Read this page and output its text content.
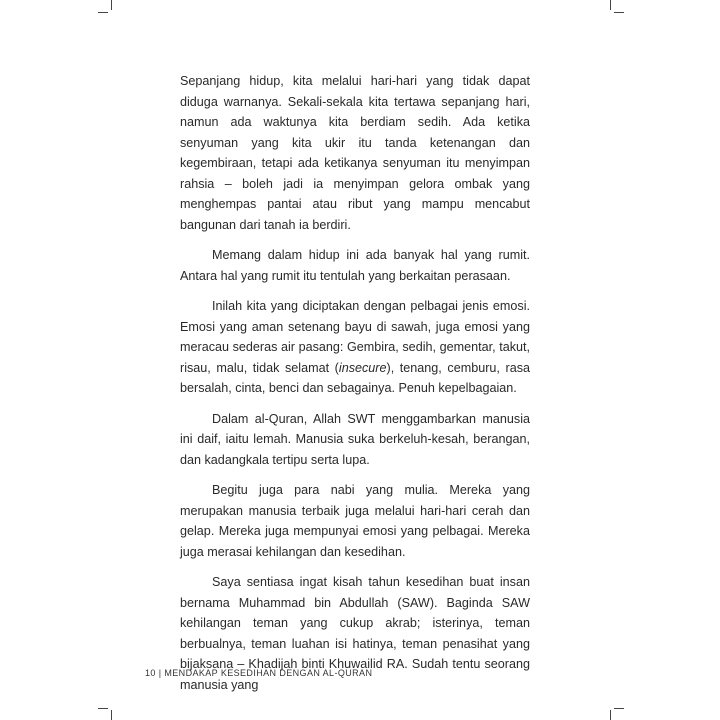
Sepanjang hidup, kita melalui hari-hari yang tidak dapat diduga warnanya. Sekali-sekala kita tertawa sepanjang hari, namun ada waktunya kita berdiam sedih. Ada ketika senyuman yang kita ukir itu tanda ketenangan dan kegembiraan, tetapi ada ketikanya senyuman itu menyimpan rahsia – boleh jadi ia menyimpan gelora ombak yang menghempas pantai atau ribut yang mampu mencabut bangunan dari tanah ia berdiri.

Memang dalam hidup ini ada banyak hal yang rumit. Antara hal yang rumit itu tentulah yang berkaitan perasaan.

Inilah kita yang diciptakan dengan pelbagai jenis emosi. Emosi yang aman setenang bayu di sawah, juga emosi yang meracau sederas air pasang: Gembira, sedih, gementar, takut, risau, malu, tidak selamat (insecure), tenang, cemburu, rasa bersalah, cinta, benci dan sebagainya. Penuh kepelbagaian.

Dalam al-Quran, Allah SWT menggambarkan manusia ini daif, iaitu lemah. Manusia suka berkeluh-kesah, berangan, dan kadangkala tertipu serta lupa.

Begitu juga para nabi yang mulia. Mereka yang merupakan manusia terbaik juga melalui hari-hari cerah dan gelap. Mereka juga mempunyai emosi yang pelbagai. Mereka juga merasai kehilangan dan kesedihan.

Saya sentiasa ingat kisah tahun kesedihan buat insan bernama Muhammad bin Abdullah (SAW). Baginda SAW kehilangan teman yang cukup akrab; isterinya, teman berbualnya, teman luahan isi hatinya, teman penasihat yang bijaksana – Khadijah binti Khuwailid RA. Sudah tentu seorang manusia yang

10 | MENDAKAP KESEDIHAN DENGAN AL-QURAN
